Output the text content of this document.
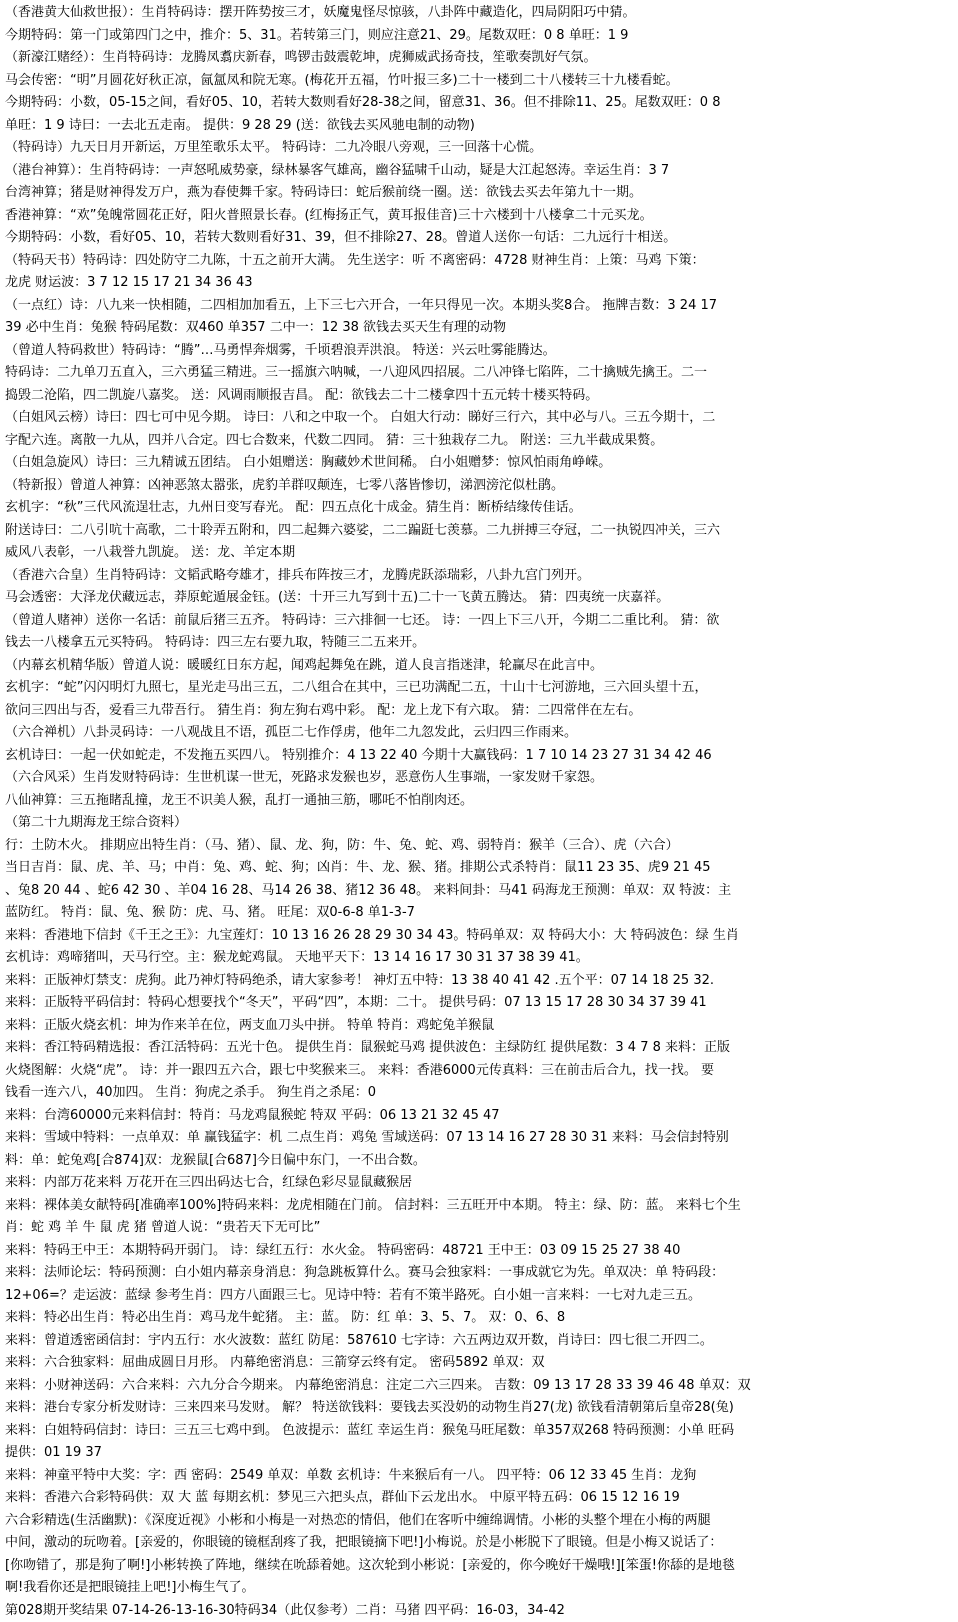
（香港黄大仙救世报）：生肖特码诗：摆开阵势按三才，妖魔鬼怪尽惊骇，八卦阵中藏造化，四局阴阳巧中猜。
今期特码：第一门或第四门之中，推介：5、31。若转第三门，则应注意21、29。尾数双旺：0 8 单旺：1 9
（新濠江赌经）：生肖特码诗：龙腾凤翥庆新春，鸣锣击鼓震乾坤，虎狮威武扬奇技，笙歌奏凯好气氛。
马会传密：“明”月圆花好秋正凉，氤氲凤和院无寒。(梅花开五福，竹叶报三多)二十一楼到二十八楼转三十九楼看蛇。
今期特码：小数，05-15之间，看好05、10，若转大数则看好28-38之间，留意31、36。但不排除11、25。尾数双旺：0 8
单旺：1 9 诗曰：一去北五走南。 提供：9 28 29 (送：欲钱去买风驰电制的动物)
（特码诗）九天日月开新运，万里笙歌乐太平。 特码诗：二九冷眼八旁观，三一回落十心慌。
（港台神算）：生肖特码诗：一声怒吼威势豪，绿林暴客气雄高，幽谷猛啸千山动，疑是大江起怒涛。幸运生肖：3 7
台湾神算；猪是财神得发万户，燕为春使舞千家。特码诗曰：蛇后猴前绕一圈。送：欲钱去买去年第九十一期。
香港神算：“欢”兔魄常圆花正好，阳火普照景长春。(红梅扬正气，黄耳报佳音)三十六楼到十八楼拿二十元买龙。
今期特码：小数，看好05、10，若转大数则看好31、39，但不排除27、28。曾道人送你一句话：二九远行十相送。
（特码天书）特码诗：四处防守二九陈，十五之前开大满。 先生送字：听 不离密码：4728 财神生肖：上策：马鸡 下策：
龙虎 财运波：3 7 12 15 17 21 34 36 43
（一点红）诗：八九来一快相随，二四相加加看五，上下三七六开合，一年只得见一次。本期头奖8合。 拖牌吉数：3 24 17
39 必中生肖：兔猴 特码尾数：双460 单357 二中一：12 38 欲钱去买天生有理的动物
（曾道人特码救世）特码诗：“腾”…马勇悍奔烟雾，千顷碧浪弄洪浪。 特送：兴云吐雾能腾达。
特码诗：二九单刀五直入，三六勇猛三精进。三一摇旗六呐喊，一八迎风四招展。二八冲锋七陷阵，二十擒贼先擒王。二一
捣毁二沧陷，四二凯旋八嘉奖。 送：风调雨顺报吉昌。 配：欲钱去二十二楼拿四十五元转十楼买特码。
（白姐风云榜）诗曰：四七可中见今期。 诗曰：八和之中取一个。 白姐大行动：睇好三行六，其中必与八。三五今期十，二
字配六连。离散一九从，四并八合定。四七合数来，代数二四同。 猜：三十独栽存二九。 附送：三九半截成果赘。
（白姐急旋风）诗曰：三九精诚五团结。 白小姐赠送：胸藏妙术世间稀。 白小姐赠梦：惊风怕雨角峥嵘。
（特新报）曾道人神算：凶神恶煞太嚣张，虎豹羊群叹颠连，七零八落皆惨切，涕泗滂沱似杜鹃。
玄机字：“秋”三代风流逞壮志，九州日变写春光。 配：四五点化十成金。猜生肖：断桥结缘传佳话。
附送诗曰：二八引吭十高歌，二十聆弄五附和，四二起舞六婆娑，二二蹁跹七羡慕。二九拼搏三夺冠，二一执锐四冲关，三六
威风八表彰，一八栽誉九凯旋。 送：龙、羊定本期
（香港六合皇）生肖特码诗：文韬武略夸雄才，排兵布阵按三才，龙腾虎跃添瑞彩，八卦九宫门列开。
马会透密：大泽龙伏藏远志，莽原蛇遁展金钰。(送：十开三九写到十五)二十一飞黄五腾达。 猜：四夷统一庆嘉祥。
（曾道人赌神）送你一名话：前鼠后猪三五齐。 特码诗：三六排徊一七还。 诗：一四上下三八开，今期二二重比利。 猜：欲
钱去一八楼拿五元买特码。 特码诗：四三左右要九取，特随三二五来开。
（内幕玄机精华版）曾道人说：暖暖红日东方起，闻鸡起舞兔在跳，道人良言指迷津，轮赢尽在此言中。
玄机字：“蛇”闪闪明灯九照七，星光走马出三五，二八组合在其中，三已功满配二五，十山十七河游地，三六回头望十五，
欲问三四出与否，爱看三九带吾行。 猜生肖：狗左狗右鸡中彩。 配：龙上龙下有六取。 猜：二四常伴在左右。
（六合禅机）八卦灵码诗：一八观战且不语，孤臣二七作俘虏，他年二九忽发此，云归四三作雨来。
玄机诗曰：一起一伏如蛇走，不发拖五买四八。 特别推介：4 13 22 40 今期十大赢钱码：1 7 10 14 23 27 31 34 42 46
（六合风采）生肖发财特码诗：生世机谋一世无，死路求发猴也岁，恶意伤人生事端，一家发财千家怨。
八仙神算：三五拖睹乱撞，龙王不识美人猴，乱打一通抽三筋，哪吒不怕削肉还。
（第二十九期海龙王综合资料）
行：土防木火。 排期应出特生肖：（马、猪）、鼠、龙、狗，防：牛、兔、蛇、鸡、弱特肖：猴羊（三合）、虎（六合）
当日吉肖：鼠、虎、羊、马；中肖：兔、鸡、蛇、狗；凶肖：牛、龙、猴、猪。排期公式杀特肖：鼠11 23 35、虎9 21 45
、兔8 20 44 、蛇6 42 30 、羊04 16 28、马14 26 38、猪12 36 48。 来料间卦：马41 码海龙王预测：单双：双 特波：主
蓝防红。 特肖：鼠、兔、猴 防：虎、马、猪。 旺尾：双0-6-8 单1-3-7
来料：香港地下信封《千王之王》：九宝莲灯：10 13 16 26 28 29 30 34 43。特码单双：双 特码大小：大 特码波色：绿 生肖
玄机诗：鸡啼猪叫，天马行空。主：猴龙蛇鸡鼠。 天地平天下：13 14 16 17 30 31 37 38 39 41。
来料：正版神灯禁支：虎狗。此乃神灯特码绝杀，请大家参考！ 神灯五中特：13 38 40 41 42 .五个平：07 14 18 25 32.
来料：正版特平码信封：特码心想要找个“冬天”，平码“四”，本期：二十。 提供号码：07 13 15 17 28 30 34 37 39 41
来料：正版火烧玄机：坤为作来羊在位，两支血刀头中拼。 特单 特肖：鸡蛇兔羊猴鼠
来料：香江特码精选报：香江活特码：五光十色。 提供生肖：鼠猴蛇马鸡 提供波色：主绿防红 提供尾数：3 4 7 8 来料：正版
火烧图解：火烧“虎”。 诗：并一跟四五六合，跟七中奖猴来三。 来料：香港6000元传真料：三在前击后合九，找一找。 要
钱看一连六八，40加四。 生肖：狗虎之杀手。 狗生肖之杀尾：0
来料：台湾60000元来料信封：特肖：马龙鸡鼠猴蛇 特双 平码：06 13 21 32 45 47
来料：雪域中特料：一点单双：单 赢钱猛字：机 二点生肖：鸡兔 雪域送码：07 13 14 16 27 28 30 31 来料：马会信封特别
料：单：蛇兔鸡[合874]双：龙猴鼠[合687]今日偏中东门，一不出合数。
来料：内部万花来料 万花开在三四出码达七合，红绿色彩尽显鼠藏猴居
来料：裸体美女献特码[准确率100%]特码来料：龙虎相随在门前。 信封料：三五旺开中本期。 特主：绿、防：蓝。 来料七个生
肖：蛇 鸡 羊 牛 鼠 虎 猪 曾道人说：“贵若天下无可比”
来料：特码王中王：本期特码开弱门。 诗：绿红五行：水火金。 特码密码：48721 王中王：03 09 15 25 27 38 40
来料：法师论坛：特码预测：白小姐内幕亲身消息：狗急跳板算什么。赛马会独家料：一事成就它为先。单双决：单 特码段：
12+06=？走运波：蓝绿 参考生肖：四方八面跟三七。见诗中特：若有不策半路死。白小姐一言来料：一七对九走三五。
来料：特必出生肖：特必出生肖：鸡马龙牛蛇猪。 主：蓝。 防：红 单：3、5、7。 双：0、6、8
来料：曾道透密函信封：宇内五行：水火波数：蓝红 防尾：587610 七字诗：六五两边双开数，肖诗曰：四七很二开四二。
来料：六合独家料：屈曲成圆日月形。 内幕绝密消息：三箭穿云终有定。 密码5892 单双：双
来料：小财神送码：六合来料：六九分合今期来。 内幕绝密消息：注定二六三四来。 吉数：09 13 17 28 33 39 46 48 单双：双
来料：港台专家分析发财诗：三来四来马发财。 解？ 特送欲钱料：要钱去买没奶的动物生肖27(龙) 欲钱看清朝第后皇帝28(兔)
来料：白姐特码信封：诗曰：三五三七鸡中到。 色波提示：蓝红 幸运生肖：猴兔马旺尾数：单357双268 特码预测：小单 旺码
提供：01 19 37
来料：神童平特中大奖：字：西 密码：2549 单双：单数 玄机诗：牛来猴后有一八。 四平特：06 12 33 45 生肖：龙狗
来料：香港六合彩特码供：双 大 蓝 每期玄机：梦见三六把头点，群仙下云龙出水。 中原平特五码：06 15 12 16 19
六合彩精选(生活幽默)：《深度近视》小彬和小梅是一对热恋的情侣，他们在客听中缠绵调情。小彬的头整个埋在小梅的两腿
中间，激动的玩吻着。[亲爱的，你眼镜的镜框刮疼了我，把眼镜摘下吧!]小梅说。於是小彬脱下了眼镜。但是小梅又说话了：
[你吻错了，那是狗了啊!]小彬转换了阵地，继续在吮舔着她。这次轮到小彬说：[亲爱的，你今晚好干燥哦!][笨蛋!你舔的是地毯
啊!我看你还是把眼镜挂上吧!]小梅生气了。
第028期开奖结果 07-14-26-13-16-30特码34（此仅参考）二肖：马猪 四平码：16-03，34-42
